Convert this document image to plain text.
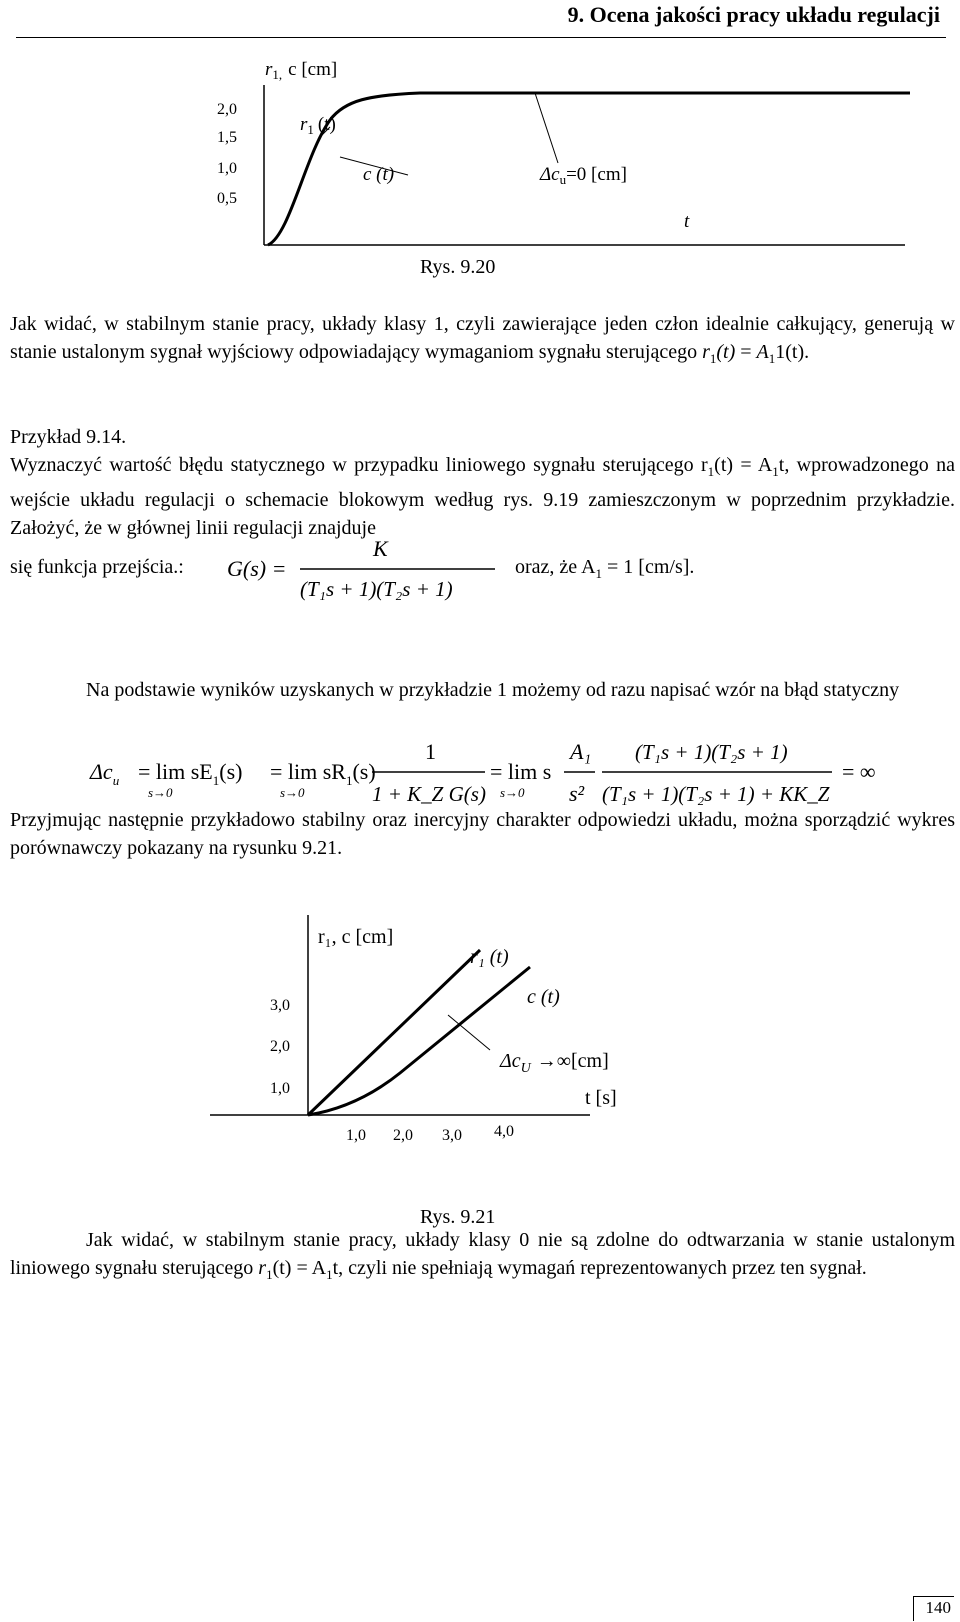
9. Ocena jakości pracy układu regulacji
$r_{1,}$ c [cm]
2,0
1,5
1,0
0,5
$r_1$ (t)
c (t)	$\Delta c_u=0$ [cm]
t
Rys. 9.20
Jak widać, w stabilnym stanie pracy, układy klasy 1, czyli zawierające jeden człon idealnie całkujący, generują w stanie ustalonym sygnał wyjściowy odpowiadający wymaganiom sygnału sterującego $r_1(t) = A_11(t)$.
Przykład 9.14.
Wyznaczyć wartość błędu statycznego w przypadku liniowego sygnału sterującego $r_1(t) = A_1t$, wprowadzonego na wejście układu regulacji o schemacie blokowym według rys. 9.19 zamieszczonym w poprzednim przykładzie. Założyć, że w głównej linii regulacji znajduje
się funkcja przejścia.: G(s) =
K
(T₁s + 1)(T₂s + 1)
oraz, że $A_1 = 1$ [cm/s].
Na podstawie wyników uzyskanych w przykładzie 1 możemy od razu napisać wzór na błąd statyczny
$\Delta c_u = \lim sE_1(s) = \lim sR_1(s)$
1
1 + K_Z G(s)
= lim s
A₁
s²
(T₁s + 1)(T₂s + 1)
(T₁s + 1)(T₂s + 1) + KK_Z
= ∞
s→0	s→0	s→0
Przyjmując następnie przykładowo stabilny oraz inercyjny charakter odpowiedzi układu, można sporządzić wykres porównawczy pokazany na rysunku 9.21.
r₁, c [cm]
3,0
2,0
1,0
1,0 2,0 3,0 4,0
r₁ (t)
c (t)
$\Delta c_U \to\infty[cm]$
t [s]
Rys. 9.21
Jak widać, w stabilnym stanie pracy, układy klasy 0 nie są zdolne do odtwarzania w stanie ustalonym liniowego sygnału sterującego $r_1(t) = A_1t$, czyli nie spełniają wymagań reprezentowanych przez ten sygnał.
140
